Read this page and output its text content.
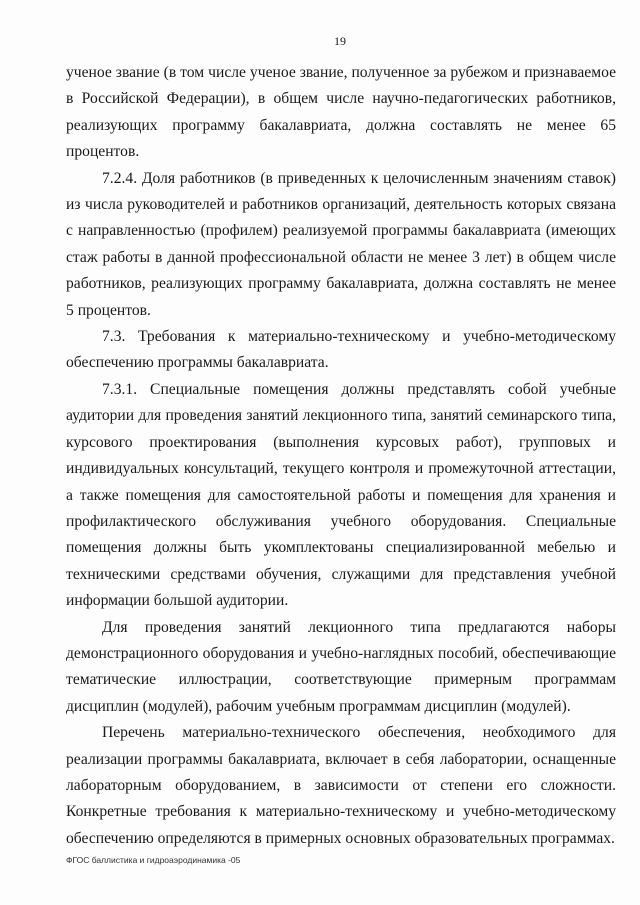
19

ученое звание (в том числе ученое звание, полученное за рубежом и признаваемое в Российской Федерации), в общем числе научно-педагогических работников, реализующих программу бакалавриата, должна составлять не менее 65 процентов.

7.2.4. Доля работников (в приведенных к целочисленным значениям ставок) из числа руководителей и работников организаций, деятельность которых связана с направленностью (профилем) реализуемой программы бакалавриата (имеющих стаж работы в данной профессиональной области не менее 3 лет) в общем числе работников, реализующих программу бакалавриата, должна составлять не менее 5 процентов.

7.3. Требования к материально-техническому и учебно-методическому обеспечению программы бакалавриата.

7.3.1. Специальные помещения должны представлять собой учебные аудитории для проведения занятий лекционного типа, занятий семинарского типа, курсового проектирования (выполнения курсовых работ), групповых и индивидуальных консультаций, текущего контроля и промежуточной аттестации, а также помещения для самостоятельной работы и помещения для хранения и профилактического обслуживания учебного оборудования. Специальные помещения должны быть укомплектованы специализированной мебелью и техническими средствами обучения, служащими для представления учебной информации большой аудитории.

Для проведения занятий лекционного типа предлагаются наборы демонстрационного оборудования и учебно-наглядных пособий, обеспечивающие тематические иллюстрации, соответствующие примерным программам дисциплин (модулей), рабочим учебным программам дисциплин (модулей).

Перечень материально-технического обеспечения, необходимого для реализации программы бакалавриата, включает в себя лаборатории, оснащенные лабораторным оборудованием, в зависимости от степени его сложности. Конкретные требования к материально-техническому и учебно-методическому обеспечению определяются в примерных основных образовательных программах.

ФГОС баллистика и гидроаэродинамика -05
